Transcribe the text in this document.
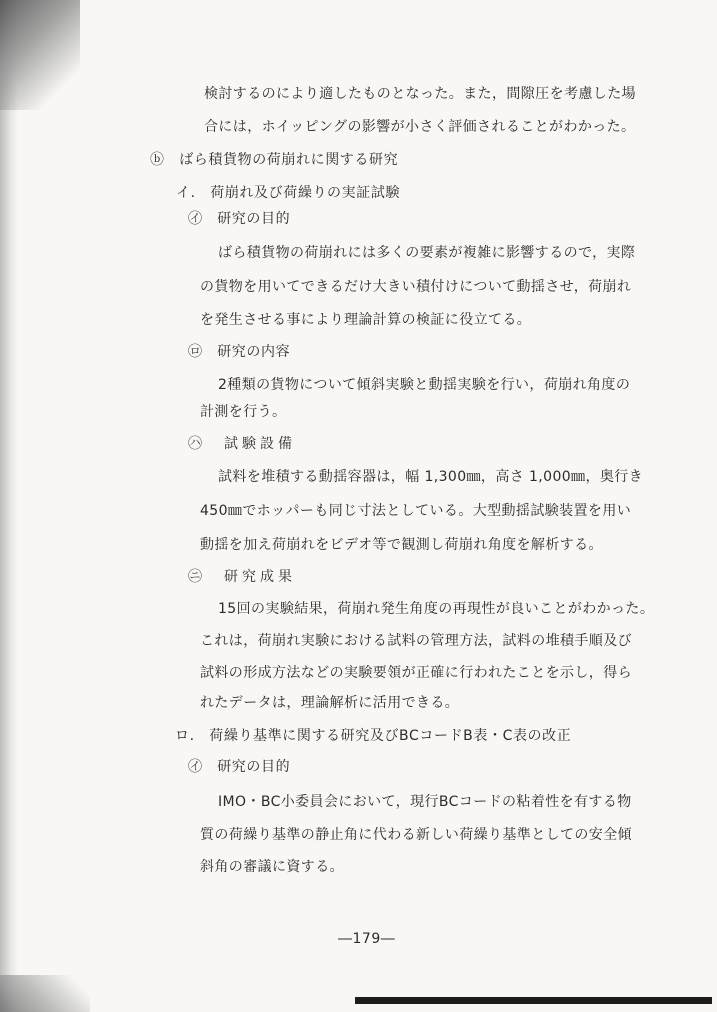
検討するのにより適したものとなった。また，間隙圧を考慮した場
合には，ホイッピングの影響が小さく評価されることがわかった。
ⓑ　ばら積貨物の荷崩れに関する研究
イ.　荷崩れ及び荷繰りの実証試験
㋑　研究の目的
ばら積貨物の荷崩れには多くの要素が複雑に影響するので，実際
の貨物を用いてできるだけ大きい積付けについて動揺させ，荷崩れ
を発生させる事により理論計算の検証に役立てる。
㋺　研究の内容
2種類の貨物について傾斜実験と動揺実験を行い，荷崩れ角度の
計測を行う。
㋩　試験設備
試料を堆積する動揺容器は，幅 1,300㎜，高さ 1,000㎜，奥行き
450㎜でホッパーも同じ寸法としている。大型動揺試験装置を用い
動揺を加え荷崩れをビデオ等で観測し荷崩れ角度を解析する。
㋥　研究成果
15回の実験結果，荷崩れ発生角度の再現性が良いことがわかった。
これは，荷崩れ実験における試料の管理方法，試料の堆積手順及び
試料の形成方法などの実験要領が正確に行われたことを示し，得ら
れたデータは，理論解析に活用できる。
ロ.　荷繰り基準に関する研究及びBCコードB表・C表の改正
㋑　研究の目的
IMO・BC小委員会において，現行BCコードの粘着性を有する物
質の荷繰り基準の静止角に代わる新しい荷繰り基準としての安全傾
斜角の審議に資する。
―179―
